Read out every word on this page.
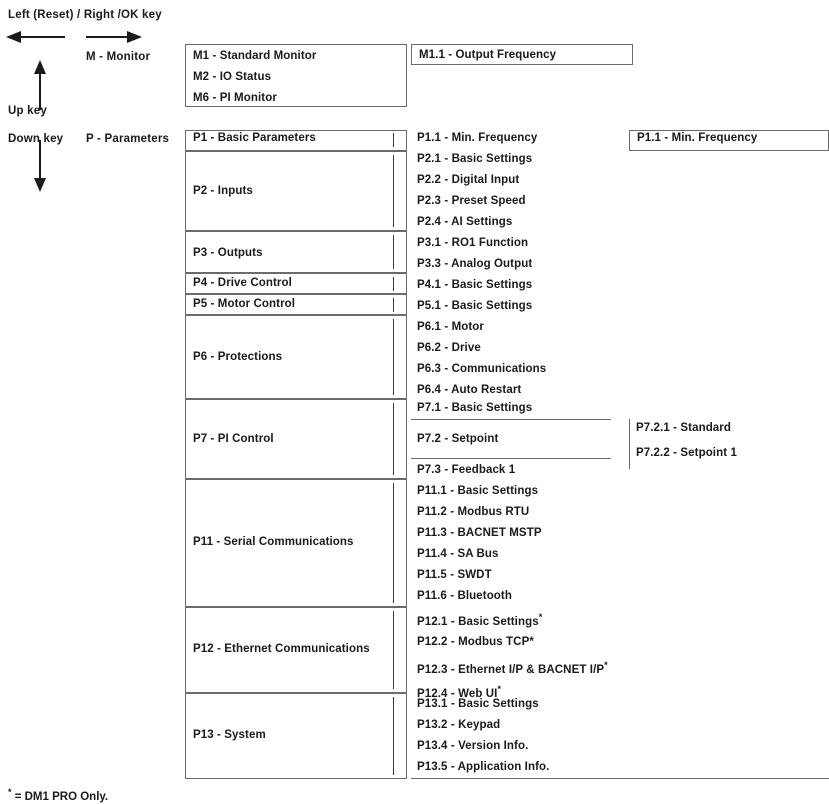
Left (Reset) / Right /OK key
Up key
Down key
M - Monitor
P - Parameters
M1 - Standard Monitor
M2 - IO Status
M6 - PI Monitor
M1.1 - Output Frequency
P1 - Basic Parameters
P2 - Inputs
P3 - Outputs
P4 - Drive Control
P5 - Motor Control
P6 - Protections
P7 - PI Control
P11 - Serial Communications
P12 - Ethernet Communications
P13 - System
P1.1 - Min. Frequency
P2.1 - Basic Settings
P2.2 - Digital Input
P2.3 - Preset Speed
P2.4 - AI Settings
P3.1 - RO1 Function
P3.3 - Analog Output
P4.1 - Basic Settings
P5.1 - Basic Settings
P6.1 - Motor
P6.2 - Drive
P6.3 - Communications
P6.4 - Auto Restart
P7.1 - Basic Settings
P7.2 - Setpoint
P7.3 - Feedback 1
P11.1 - Basic Settings
P11.2 - Modbus RTU
P11.3 - BACNET MSTP
P11.4 - SA Bus
P11.5 - SWDT
P11.6 - Bluetooth
P12.1 - Basic Settings*
P12.2 - Modbus TCP*
P12.3 - Ethernet I/P & BACNET I/P*
P12.4 - Web UI*
P13.1 - Basic Settings
P13.2 - Keypad
P13.4 - Version Info.
P13.5 - Application Info.
P1.1 - Min. Frequency
P7.2.1 - Standard
P7.2.2 - Setpoint 1
* = DM1 PRO Only.
